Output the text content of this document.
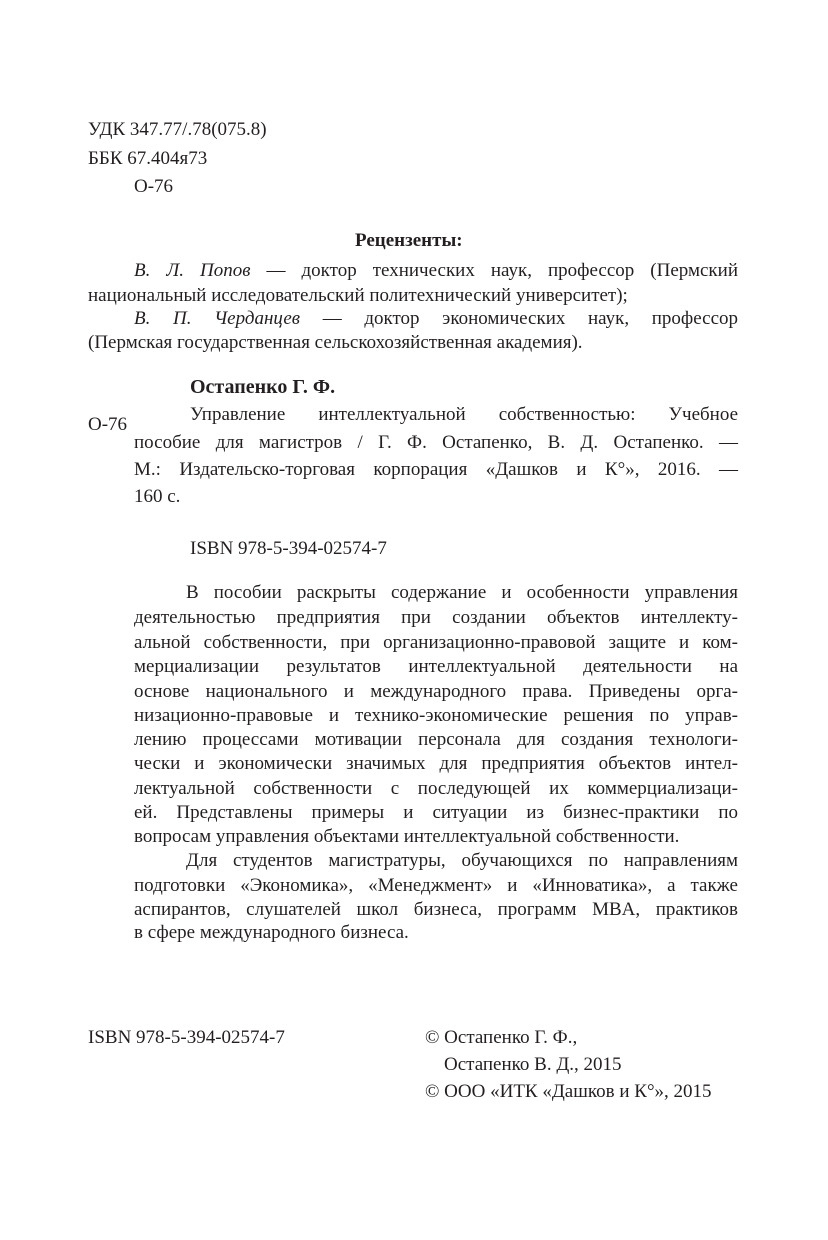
УДК 347.77/.78(075.8)
ББК 67.404я73
О-76
Рецензенты:
В. Л. Попов — доктор технических наук, профессор (Пермский
национальный исследовательский политехнический университет);
В. П. Черданцев — доктор экономических наук, профессор
(Пермская государственная сельскохозяйственная академия).
Остапенко Г. Ф.
О-76	Управление интеллектуальной собственностью: Учебное
пособие для магистров / Г. Ф. Остапенко, В. Д. Остапенко. —
М.: Издательско-торговая корпорация «Дашков и К°», 2016. —
160 с.
ISBN 978-5-394-02574-7
В пособии раскрыты содержание и особенности управления
деятельностью предприятия при создании объектов интеллекту-
альной собственности, при организационно-правовой защите и ком-
мерциализации результатов интеллектуальной деятельности на
основе национального и международного права. Приведены орга-
низационно-правовые и технико-экономические решения по управ-
лению процессами мотивации персонала для создания технологи-
чески и экономически значимых для предприятия объектов интел-
лектуальной собственности с последующей их коммерциализаци-
ей. Представлены примеры и ситуации из бизнес-практики по
вопросам управления объектами интеллектуальной собственности.
Для студентов магистратуры, обучающихся по направлениям
подготовки «Экономика», «Менеджмент» и «Инноватика», а также
аспирантов, слушателей школ бизнеса, программ MBA, практиков
в сфере международного бизнеса.
ISBN 978-5-394-02574-7	© Остапенко Г. Ф.,
Остапенко В. Д., 2015
© ООО «ИТК «Дашков и К°», 2015
